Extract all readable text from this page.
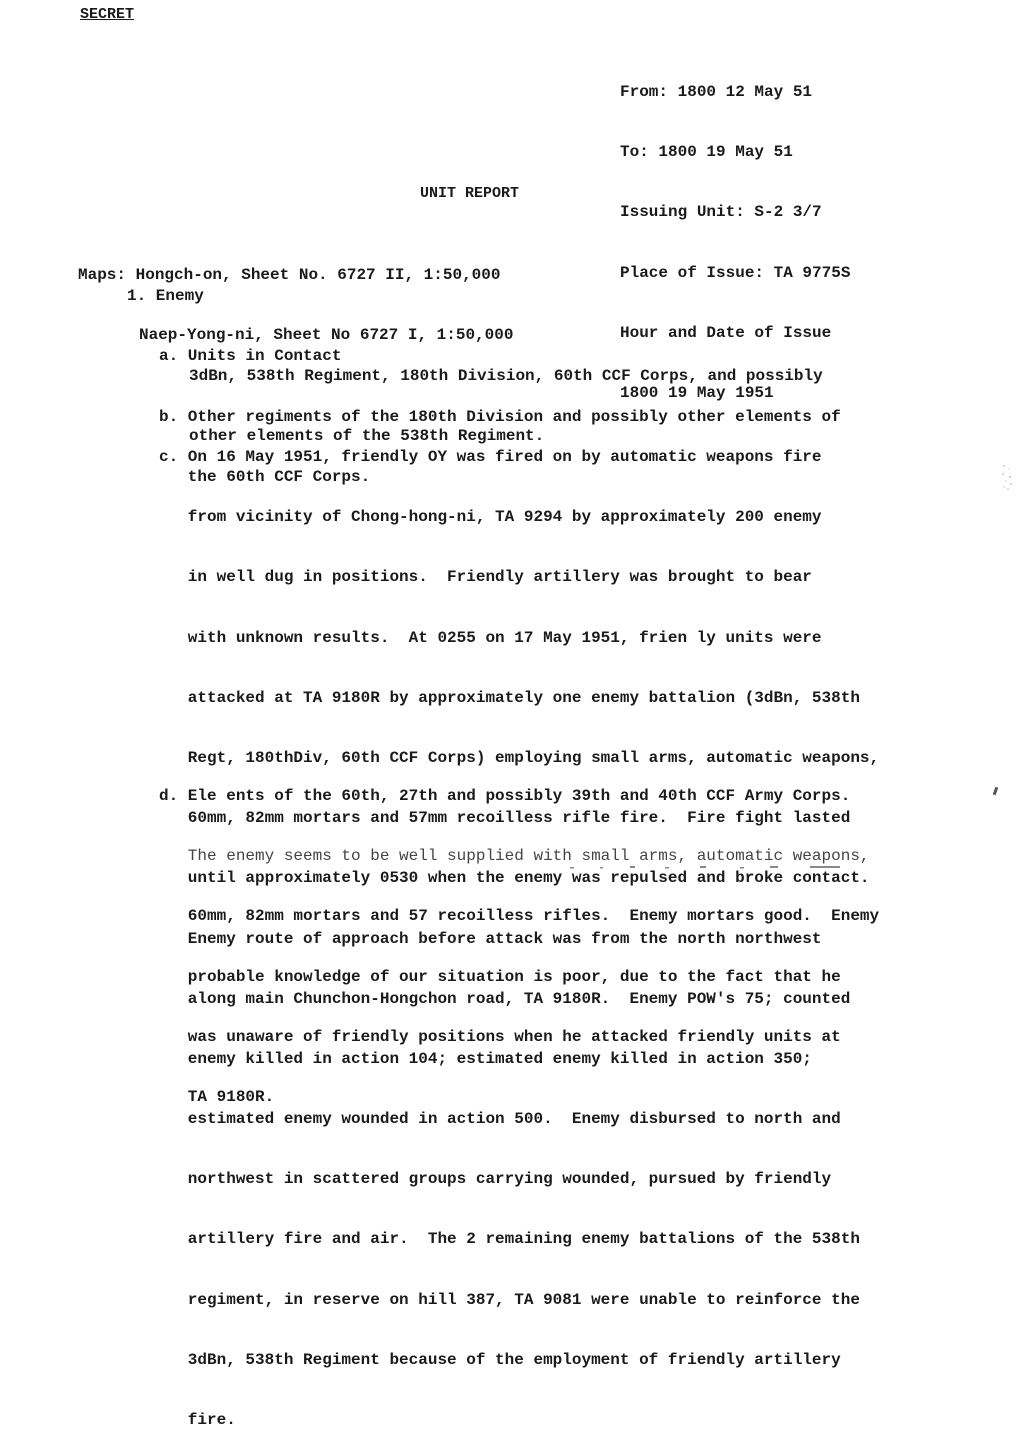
SECRET

From: 1800 12 May 51

To: 1800 19 May 51

Issuing Unit: S-2 3/7

Place of Issue: TA 9775S

Hour and Date of Issue

1800 19 May 1951

UNIT REPORT

Maps: Hongch-on, Sheet No. 6727 II, 1:50,000

Naep-Yong-ni, Sheet No 6727 I, 1:50,000

1. Enemy

a. Units in Contact

3dBn, 538th Regiment, 180th Division, 60th CCF Corps, and possibly

other elements of the 538th Regiment.

b. Other regiments of the 180th Division and possibly other elements of

the 60th CCF Corps.

c. On 16 May 1951, friendly OY was fired on by automatic weapons fire

from vicinity of Chong-hong-ni, TA 9294 by approximately 200 enemy

in well dug in positions.  Friendly artillery was brought to bear

with unknown results.  At 0255 on 17 May 1951, frien ly units were

attacked at TA 9180R by approximately one enemy battalion (3dBn, 538th

Regt, 180thDiv, 60th CCF Corps) employing small arms, automatic weapons,

60mm, 82mm mortars and 57mm recoilless rifle fire.  Fire fight lasted

until approximately 0530 when the enemy was repulsed and broke contact.

Enemy route of approach before attack was from the north northwest

along main Chunchon-Hongchon road, TA 9180R.  Enemy POW's 75; counted

enemy killed in action 104; estimated enemy killed in action 350;

estimated enemy wounded in action 500.  Enemy disbursed to north and

northwest in scattered groups carrying wounded, pursued by friendly

artillery fire and air.  The 2 remaining enemy battalions of the 538th

regiment, in reserve on hill 387, TA 9081 were unable to reinforce the

3dBn, 538th Regiment because of the employment of friendly artillery

fire.

d. Ele ents of the 60th, 27th and possibly 39th and 40th CCF Army Corps.

The enemy seems to be well supplied with small arms, automatic weapons,

60mm, 82mm mortars and 57 recoilless rifles.  Enemy mortars good.  Enemy

probable knowledge of our situation is poor, due to the fact that he

was unaware of friendly positions when he attacked friendly units at

TA 9180R.
